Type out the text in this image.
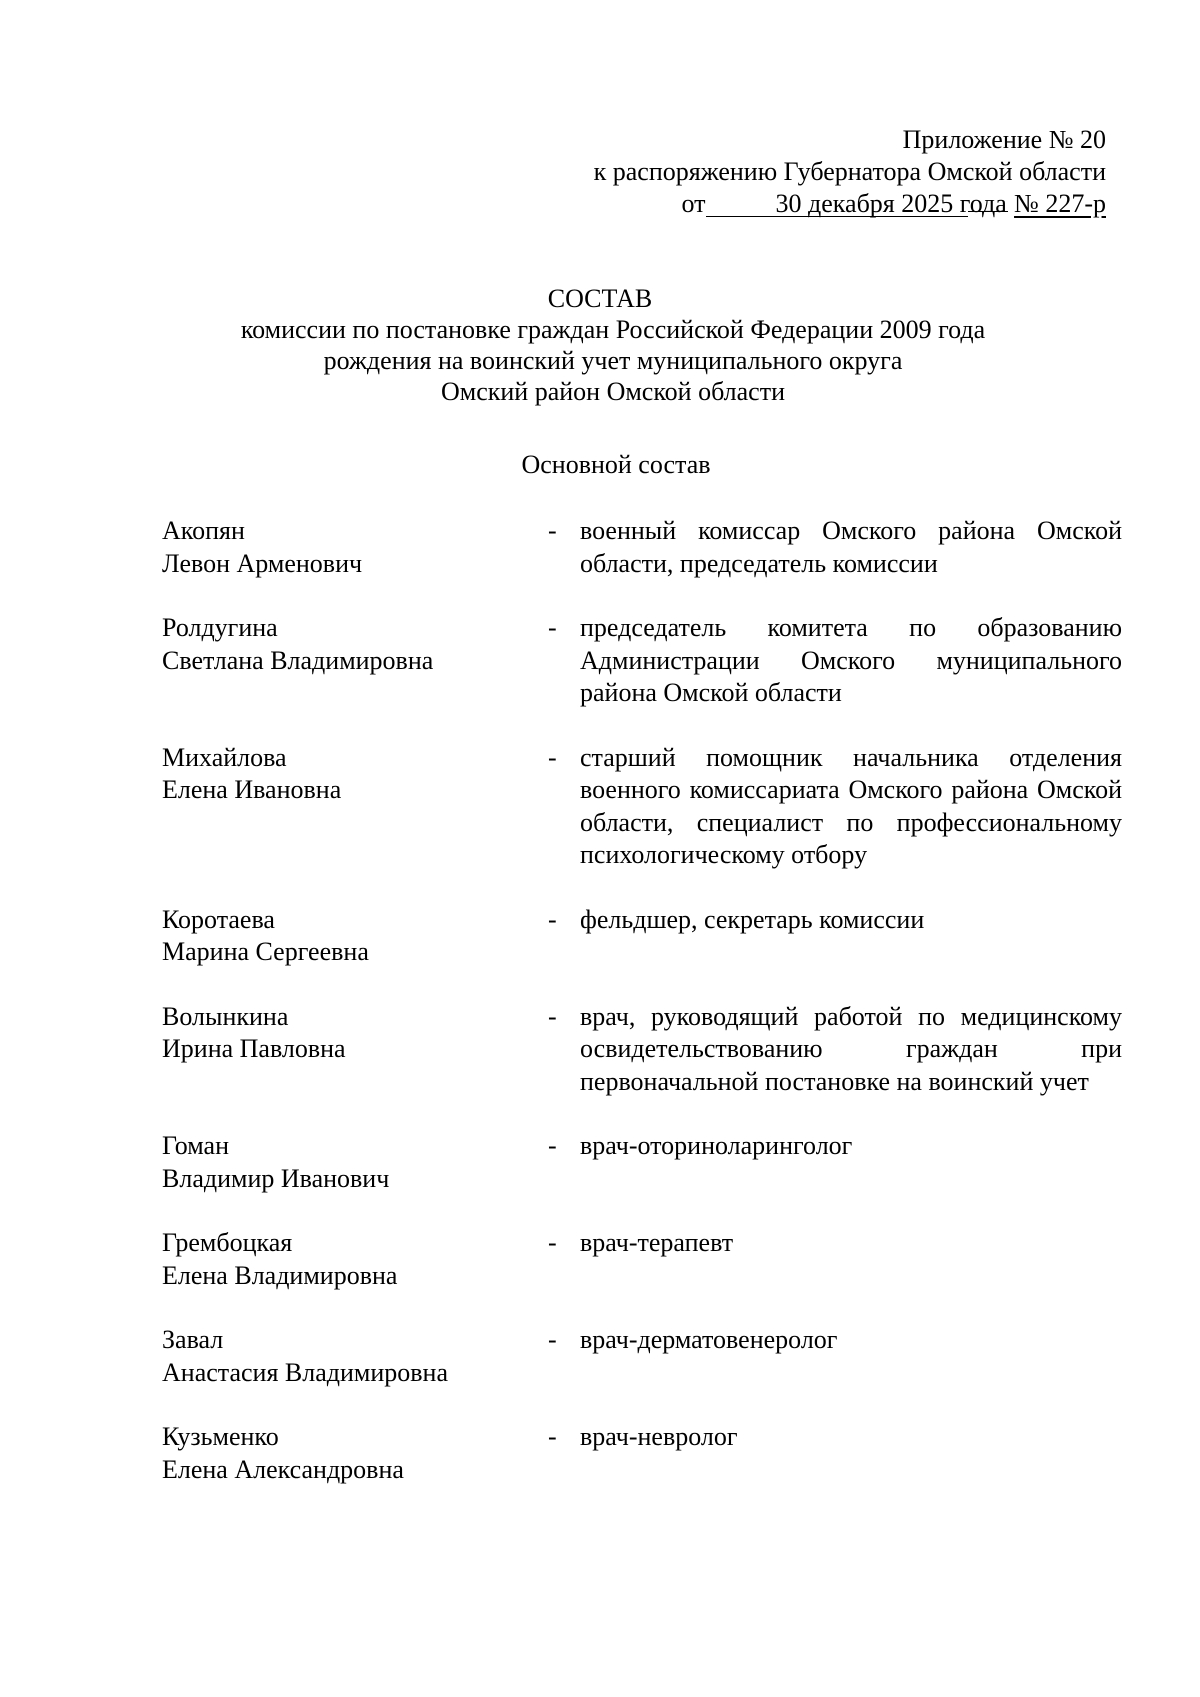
Приложение № 20
к распоряжению Губернатора Омской области
от	30 декабря 2025 года № 227-р
СОСТАВ
комиссии по постановке граждан Российской Федерации 2009 года
рождения на воинский учет муниципального округа
Омский район Омской области
Основной состав
Акопян
Левон Арменович
- военный комиссар Омского района Омской области, председатель комиссии
Ролдугина
Светлана Владимировна
- председатель комитета по образованию Администрации Омского муниципального района Омской области
Михайлова
Елена Ивановна
- старший помощник начальника отделения военного комиссариата Омского района Омской области, специалист по профессиональному психологическому отбору
Коротаева
Марина Сергеевна
- фельдшер, секретарь комиссии
Волынкина
Ирина Павловна
- врач, руководящий работой по медицинскому освидетельствованию граждан при первоначальной постановке на воинский учет
Гоман
Владимир Иванович
- врач-оториноларинголог
Грембоцкая
Елена Владимировна
- врач-терапевт
Завал
Анастасия Владимировна
- врач-дерматовенеролог
Кузьменко
Елена Александровна
- врач-невролог
